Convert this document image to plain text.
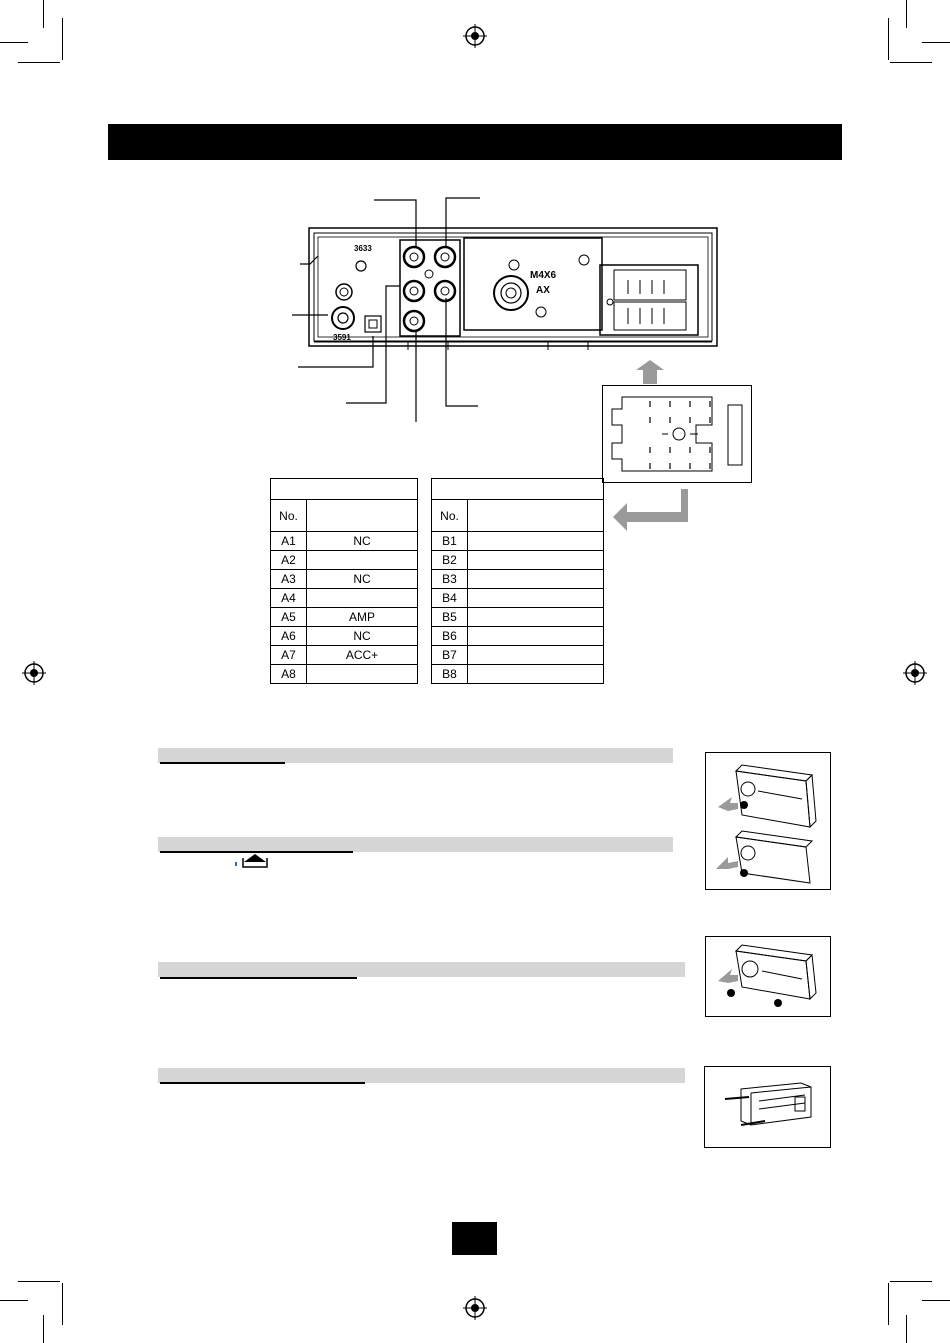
3633
3591
M4X6
AX

No.	
A1	NC
A2	
A3	NC
A4	
A5	AMP
A6	NC
A7	ACC+
A8	

No.	
B1	
B2	
B3	
B4	
B5	
B6	
B7	
B8	
